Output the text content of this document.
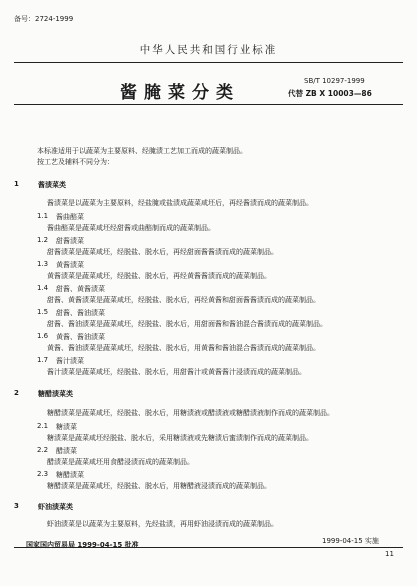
备号：2724-1999
中华人民共和国行业标准
酱腌菜分类
SB/T 10297-1999
代替 ZB X 10003—86
本标准适用于以蔬菜为主要原料、经腌渍工艺加工而成的蔬菜制品。
按工艺及辅料不同分为：
1	酱渍菜类
酱渍菜是以蔬菜为主要原料，经盐腌或盐渍成蔬菜咸坯后，再经酱渍而成的蔬菜制品。
1.1 酱曲醅菜
酱曲醅菜是蔬菜咸坯经甜酱或曲醅制而成的蔬菜制品。
1.2 甜酱渍菜
甜酱渍菜是蔬菜咸坯，经脱盐、脱水后，再经甜面酱酱渍而成的蔬菜制品。
1.3 黄酱渍菜
黄酱渍菜是蔬菜咸坯，经脱盐、脱水后，再经黄酱酱渍而成的蔬菜制品。
1.4 甜酱、黄酱渍菜
甜酱、黄酱渍菜是蔬菜咸坯，经脱盐、脱水后，再经黄酱和甜面酱酱渍而成的蔬菜制品。
1.5 甜酱、酱油渍菜
甜酱、酱油渍菜是蔬菜咸坯，经脱盐、脱水后，用甜面酱和酱油混合酱渍而成的蔬菜制品。
1.6 黄酱、酱油渍菜
黄酱、酱油渍菜是蔬菜咸坯，经脱盐、脱水后，用黄酱和酱油混合酱渍而成的蔬菜制品。
1.7 酱汁渍菜
酱汁渍菜是蔬菜咸坯，经脱盐、脱水后，用甜酱汁或黄酱酱汁浸渍而成的蔬菜制品。
2	糖醋渍菜类
糖醋渍菜是蔬菜咸坯，经脱盐、脱水后，用糖渍液或醋渍液或糖醋渍液制作而成的蔬菜制品。
2.1 糖渍菜
糖渍菜是蔬菜咸坯经脱盐、脱水后，采用糖渍液或先糖渍后蜜渍制作而成的蔬菜制品。
2.2 醋渍菜
醋渍菜是蔬菜咸坯用食醋浸渍而成的蔬菜制品。
2.3 糖醋渍菜
糖醋渍菜是蔬菜咸坯，经脱盐、脱水后，用糖醋液浸渍而成的蔬菜制品。
3	虾油渍菜类
虾油渍菜是以蔬菜为主要原料，先经盐渍，再用虾油浸渍而成的蔬菜制品。
国家国内贸易局 1999-04-15 批准	1999-04-15 实施
11
